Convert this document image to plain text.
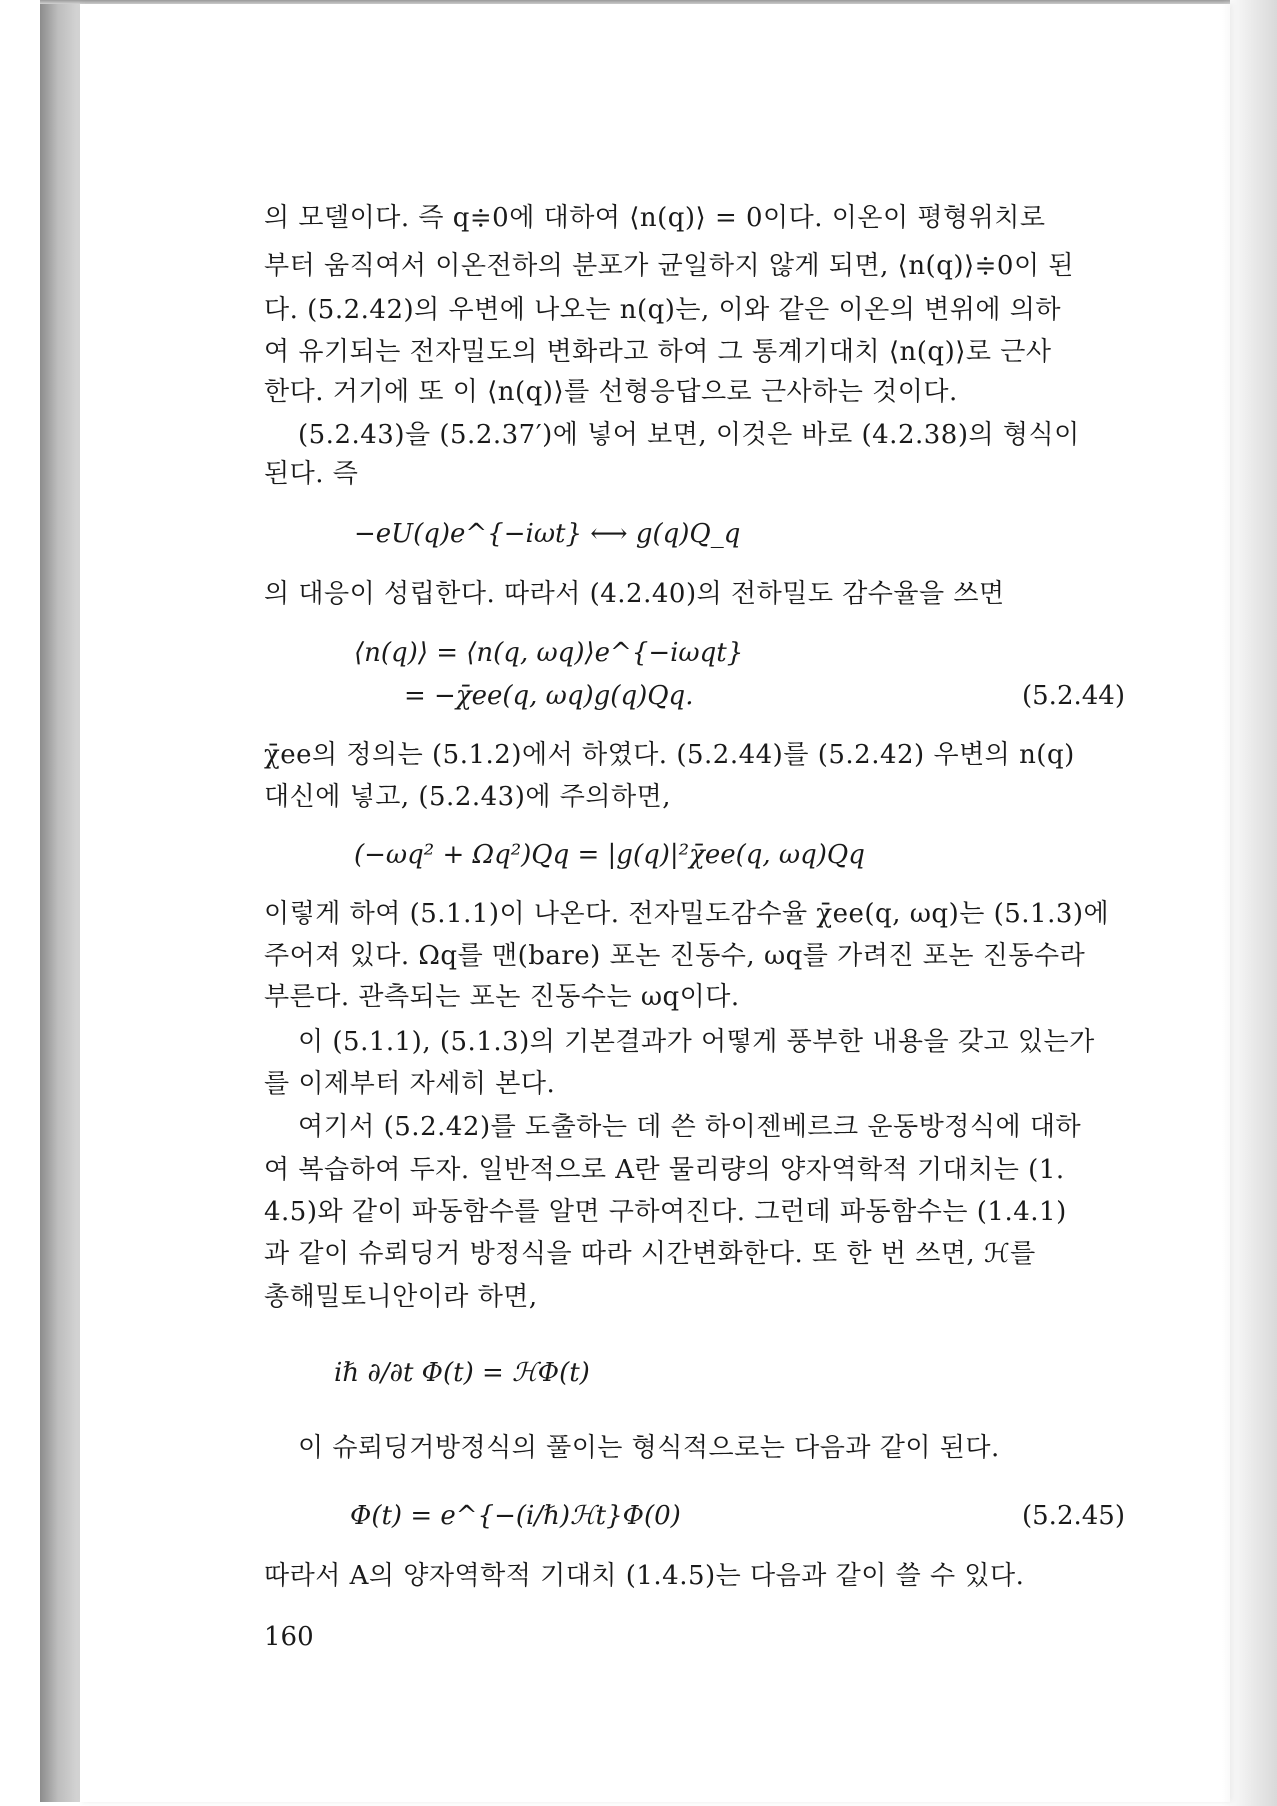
의 모델이다. 즉 q≑0에 대하여 ⟨n(q)⟩ = 0이다. 이온이 평형위치로
부터 움직여서 이온전하의 분포가 균일하지 않게 되면, ⟨n(q)⟩≑0이 된
다. (5.2.42)의 우변에 나오는 n(q)는, 이와 같은 이온의 변위에 의하
여 유기되는 전자밀도의 변화라고 하여 그 통계기대치 ⟨n(q)⟩로 근사
한다. 거기에 또 이 ⟨n(q)⟩를 선형응답으로 근사하는 것이다.
(5.2.43)을 (5.2.37′)에 넣어 보면, 이것은 바로 (4.2.38)의 형식이
된다. 즉
−eU(q)e^{−iωt} ⟷ g(q)Q_q
의 대응이 성립한다. 따라서 (4.2.40)의 전하밀도 감수율을 쓰면
⟨n(q)⟩ = ⟨n(q, ωq)⟩e^{−iωqt}
= −χ̄ee(q, ωq)g(q)Qq.	(5.2.44)
χ̄ee의 정의는 (5.1.2)에서 하였다. (5.2.44)를 (5.2.42) 우변의 n(q)
대신에 넣고, (5.2.43)에 주의하면,
(−ωq² + Ωq²)Qq = |g(q)|²χ̄ee(q, ωq)Qq
이렇게 하여 (5.1.1)이 나온다. 전자밀도감수율 χ̄ee(q, ωq)는 (5.1.3)에
주어져 있다. Ωq를 맨(bare) 포논 진동수, ωq를 가려진 포논 진동수라
부른다. 관측되는 포논 진동수는 ωq이다.
이 (5.1.1), (5.1.3)의 기본결과가 어떻게 풍부한 내용을 갖고 있는가
를 이제부터 자세히 본다.
여기서 (5.2.42)를 도출하는 데 쓴 하이젠베르크 운동방정식에 대하
여 복습하여 두자. 일반적으로 A란 물리량의 양자역학적 기대치는 (1.
4.5)와 같이 파동함수를 알면 구하여진다. 그런데 파동함수는 (1.4.1)
과 같이 슈뢰딩거 방정식을 따라 시간변화한다. 또 한 번 쓰면, ℋ를
총해밀토니안이라 하면,
iℏ ∂/∂t Φ(t) = ℋΦ(t)
이 슈뢰딩거방정식의 풀이는 형식적으로는 다음과 같이 된다.
Φ(t) = e^{−(i/ℏ)ℋt}Φ(0)	(5.2.45)
따라서 A의 양자역학적 기대치 (1.4.5)는 다음과 같이 쓸 수 있다.
160
